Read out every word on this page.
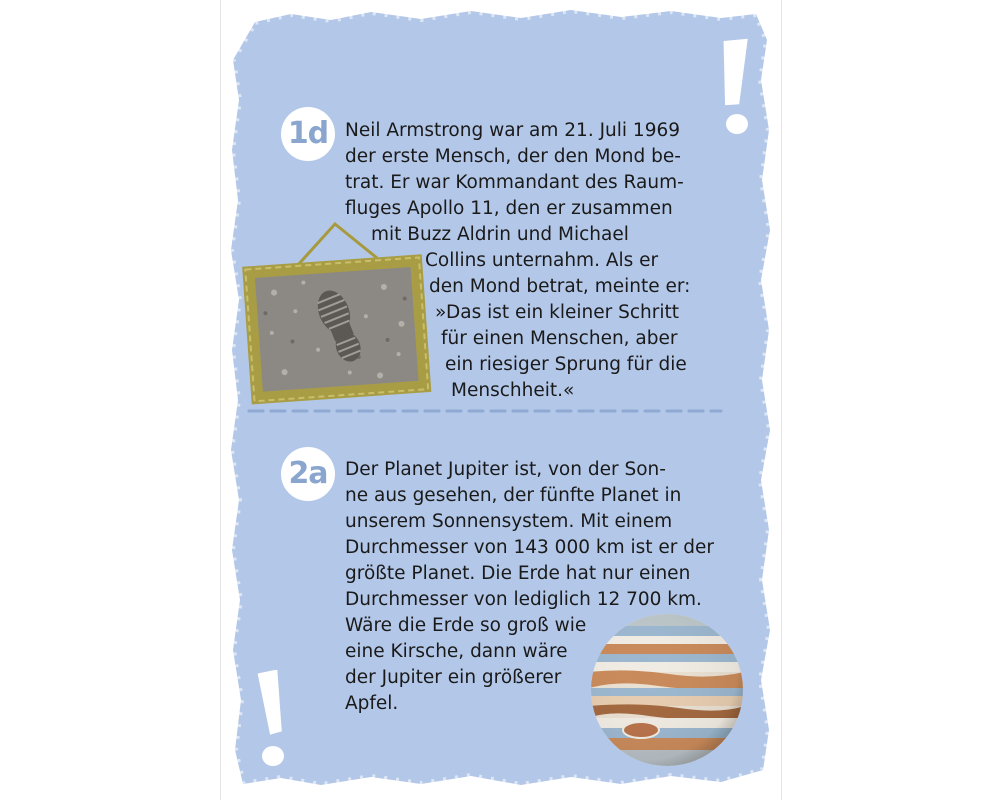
1d Neil Armstrong war am 21. Juli 1969
der erste Mensch, der den Mond be-
trat. Er war Kommandant des Raum-
fluges Apollo 11, den er zusammen
mit Buzz Aldrin und Michael
Collins unternahm. Als er
den Mond betrat, meinte er:
»Das ist ein kleiner Schritt
für einen Menschen, aber
ein riesiger Sprung für die
Menschheit.«
2a Der Planet Jupiter ist, von der Son-
ne aus gesehen, der fünfte Planet in
unserem Sonnensystem. Mit einem
Durchmesser von 143 000 km ist er der
größte Planet. Die Erde hat nur einen
Durchmesser von lediglich 12 700 km.
Wäre die Erde so groß wie
eine Kirsche, dann wäre
der Jupiter ein größerer
Apfel.
